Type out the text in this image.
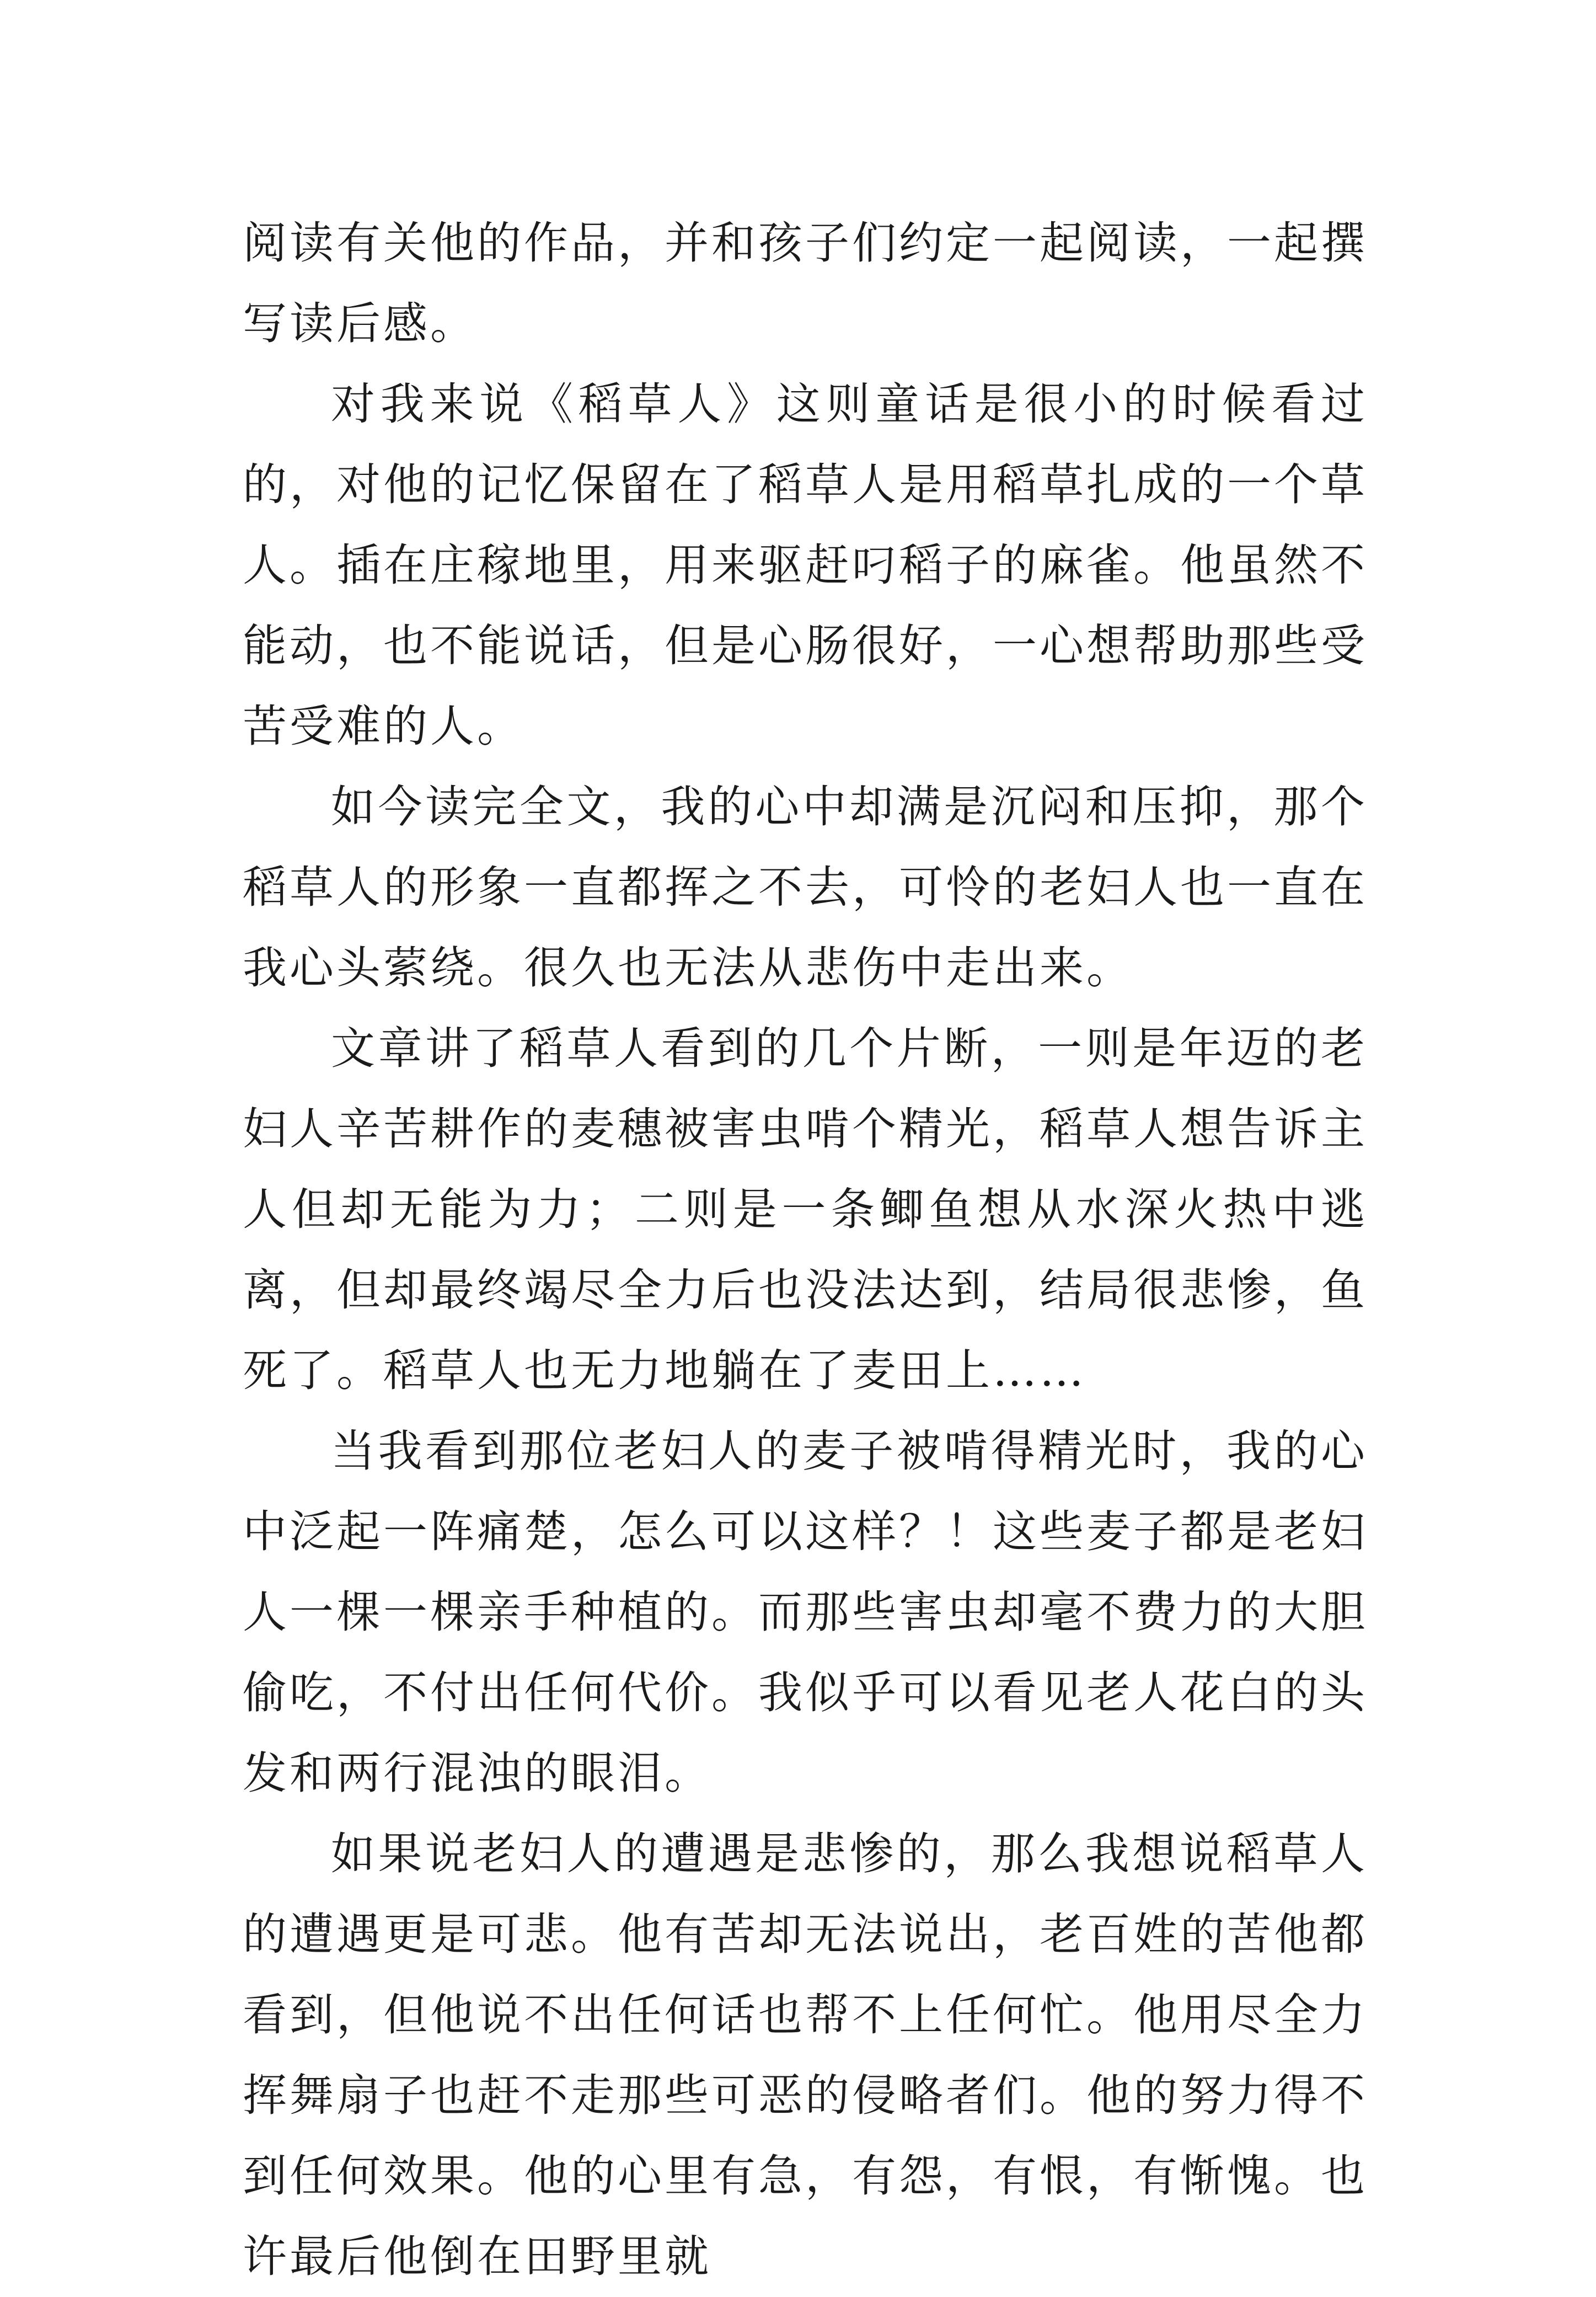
阅读有关他的作品，并和孩子们约定一起阅读，一起撰写读后感。

对我来说《稻草人》这则童话是很小的时候看过的，对他的记忆保留在了稻草人是用稻草扎成的一个草人。插在庄稼地里，用来驱赶叼稻子的麻雀。他虽然不能动，也不能说话，但是心肠很好，一心想帮助那些受苦受难的人。

如今读完全文，我的心中却满是沉闷和压抑，那个稻草人的形象一直都挥之不去，可怜的老妇人也一直在我心头萦绕。很久也无法从悲伤中走出来。

文章讲了稻草人看到的几个片断，一则是年迈的老妇人辛苦耕作的麦穗被害虫啃个精光，稻草人想告诉主人但却无能为力；二则是一条鲫鱼想从水深火热中逃离，但却最终竭尽全力后也没法达到，结局很悲惨，鱼死了。稻草人也无力地躺在了麦田上……

当我看到那位老妇人的麦子被啃得精光时，我的心中泛起一阵痛楚，怎么可以这样？！这些麦子都是老妇人一棵一棵亲手种植的。而那些害虫却毫不费力的大胆偷吃，不付出任何代价。我似乎可以看见老人花白的头发和两行混浊的眼泪。

如果说老妇人的遭遇是悲惨的，那么我想说稻草人的遭遇更是可悲。他有苦却无法说出，老百姓的苦他都看到，但他说不出任何话也帮不上任何忙。他用尽全力挥舞扇子也赶不走那些可恶的侵略者们。他的努力得不到任何效果。他的心里有急，有怨，有恨，有惭愧。也许最后他倒在田野里就
